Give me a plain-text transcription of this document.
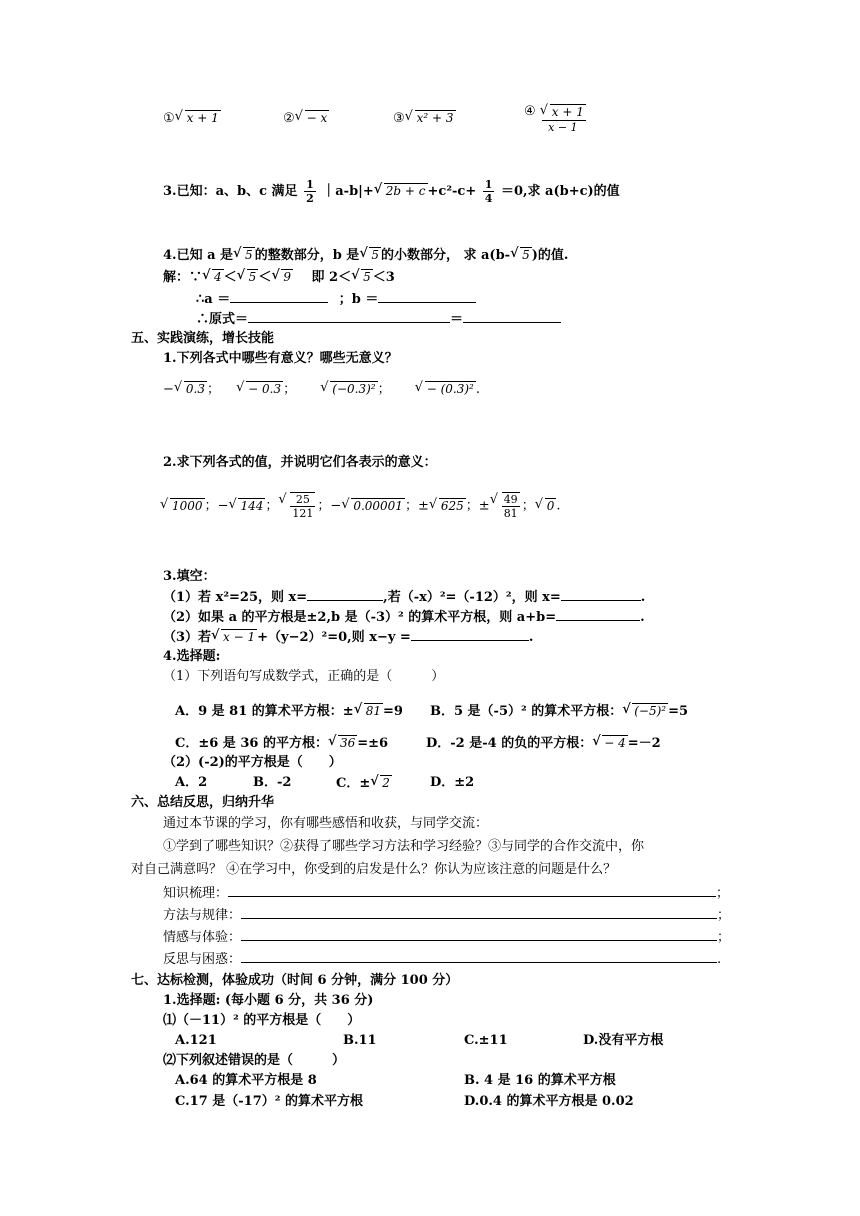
① √ x + 1	② √ − x	③ √ x² + 3	④ √ $\frac{x + 1}{x - 1}$
3.已知：a、b、c 满足 $\frac{1}{2}$ ｜a-b|+ √ $2b + c +c^2-c+ \frac{1}{4} =0$,求 a(b+c)的值
4.已知 a 是 √ 5 的整数部分，b 是 √ 5 的小数部分， 求 a(b- √ 5 )的值.
解：∵ √ 4 ＜ √ 5 ＜ √ 9 即 2＜ √ 5 ＜3
∴a ＝	；b ＝
∴原式＝	＝
五、实践演练，增长技能
1.下列各式中哪些有意义？哪些无意义？
− √ 0.3 ； √ − 0.3 ；	√ (−0.3)² ；	√ − (0.3)² .
2.求下列各式的值，并说明它们各表示的意义：
√ 1000 ；− √ 144 ； √ $\frac{25}{121}$ ；− √ 0.00001 ；± √ 625 ；± √ $\frac{49}{81}$ ； √ 0 .
3.填空：
（1）若 x²=25，则 x=	,若（-x）²=（-12）²，则 x=	.
（2）如果 a 的平方根是±2,b 是（-3）² 的算术平方根，则 a+b=	.
（3）若 √ x − 1 +（y−2）²=0,则 x−y =	.
4.选择题:
（1）下列语句写成数学式，正确的是（　　　）
A．9 是 81 的算术平方根：± √ 81 =9 B．5 是（-5）² 的算术平方根： √ (−5)² =5
C．±6 是 36 的平方根： √ 36 =±6	D．-2 是-4 的负的平方根： √ − 4 =－2
（2）(-2)的平方根是（　　）
A．2	B．-2	C．± √ 2	D．±2
六、总结反思，归纳升华
通过本节课的学习，你有哪些感悟和收获，与同学交流：
①学到了哪些知识？②获得了哪些学习方法和学习经验？③与同学的合作交流中，你
对自己满意吗？ ④在学习中，你受到的启发是什么？你认为应该注意的问题是什么？
知识梳理：	；
方法与规律：	；
情感与体验：	；
反思与困惑：	.
七、达标检测，体验成功（时间 6 分钟，满分 100 分）
1.选择题: (每小题 6 分，共 36 分)
⑴（－11）² 的平方根是（　　）
A.121	B.11	C.±11	D.没有平方根
⑵下列叙述错误的是（　　　）
A.64 的算术平方根是 8	B. 4 是 16 的算术平方根
C.17 是（-17）² 的算术平方根	D.0.4 的算术平方根是 0.02
